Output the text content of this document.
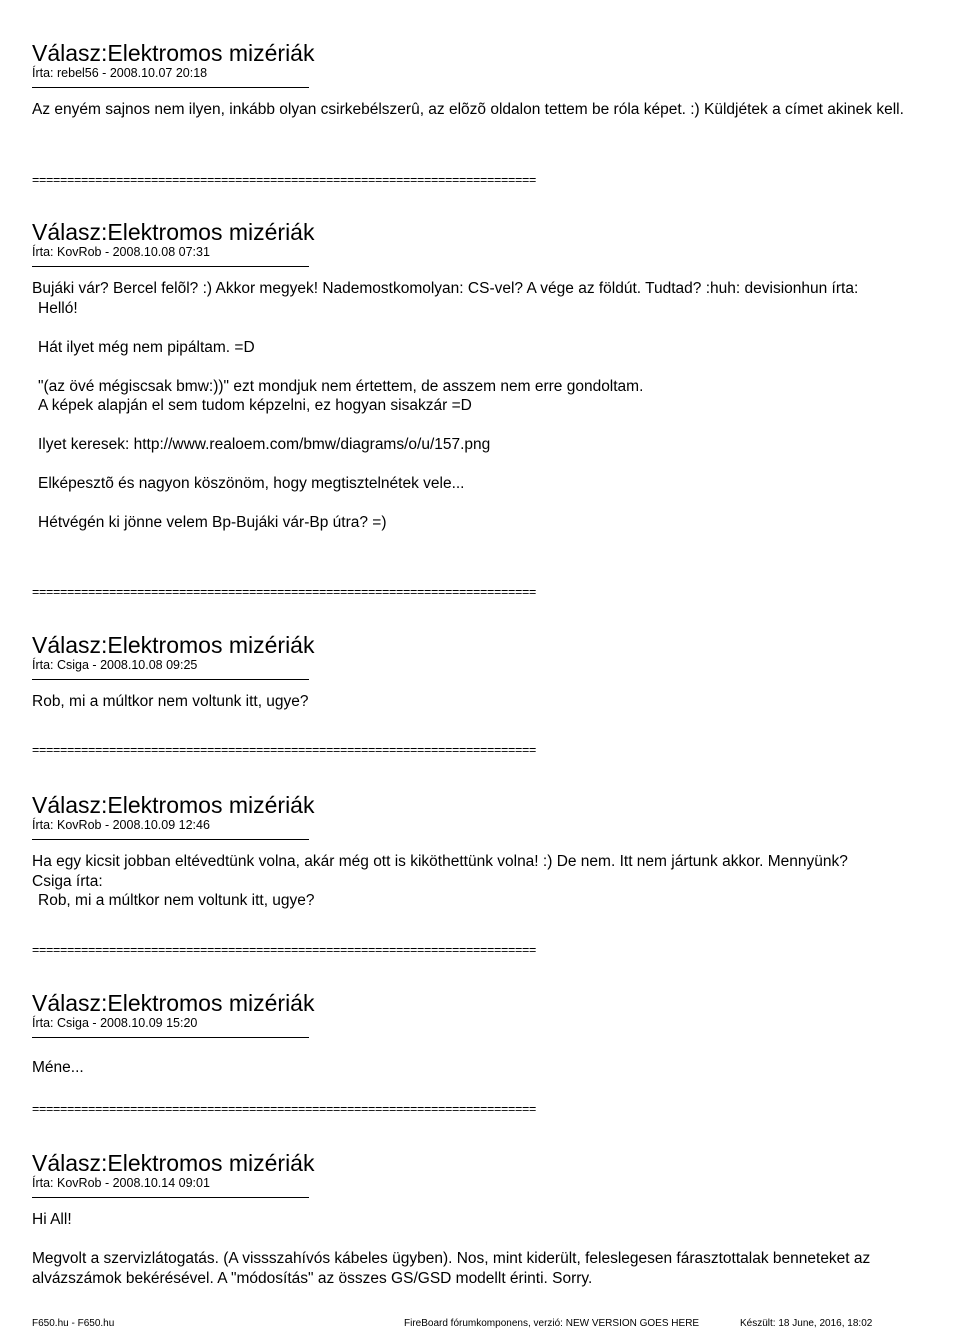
Válasz:Elektromos mizériák
Írta: rebel56 - 2008.10.07 20:18
Az enyém sajnos nem ilyen, inkább olyan csirkebélszerû, az elõzõ oldalon tettem be róla képet. :) Küldjétek a címet akinek kell.
Válasz:Elektromos mizériák
Írta: KovRob - 2008.10.08 07:31
Bujáki vár? Bercel felõl? :) Akkor megyek! Nademostkomolyan: CS-vel? A vége az földút. Tudtad? :huh: devisionhun írta:
Helló!
Hát ilyet még nem pipáltam. =D
"(az övé mégiscsak bmw:))" ezt mondjuk nem értettem, de asszem nem erre gondoltam.
A képek alapján el sem tudom képzelni, ez hogyan sisakzár =D
Ilyet keresek: http://www.realoem.com/bmw/diagrams/o/u/157.png
Elképesztõ és nagyon köszönöm, hogy megtisztelnétek vele...
Hétvégén ki jönne velem Bp-Bujáki vár-Bp útra? =)
Válasz:Elektromos mizériák
Írta: Csiga - 2008.10.08 09:25
Rob, mi a múltkor nem voltunk itt, ugye?
Válasz:Elektromos mizériák
Írta: KovRob - 2008.10.09 12:46
Ha egy kicsit jobban eltévedtünk volna, akár még ott is kiköthettünk volna! :) De nem. Itt nem jártunk akkor. Mennyünk?
Csiga írta:
Rob, mi a múltkor nem voltunk itt, ugye?
Válasz:Elektromos mizériák
Írta: Csiga - 2008.10.09 15:20
Méne...
Válasz:Elektromos mizériák
Írta: KovRob - 2008.10.14 09:01
Hi All!
Megvolt a szervizlátogatás. (A vissszahívós kábeles ügyben). Nos, mint kiderült, feleslegesen fárasztottalak benneteket az alvázszámok bekérésével. A "módosítás" az összes GS/GSD modellt érinti. Sorry.
========================================================================
========================================================================
========================================================================
========================================================================
========================================================================
F650.hu - F650.hu	FireBoard fórumkomponens, verzió: NEW VERSION GOES HERE	Készült: 18 June, 2016, 18:02
